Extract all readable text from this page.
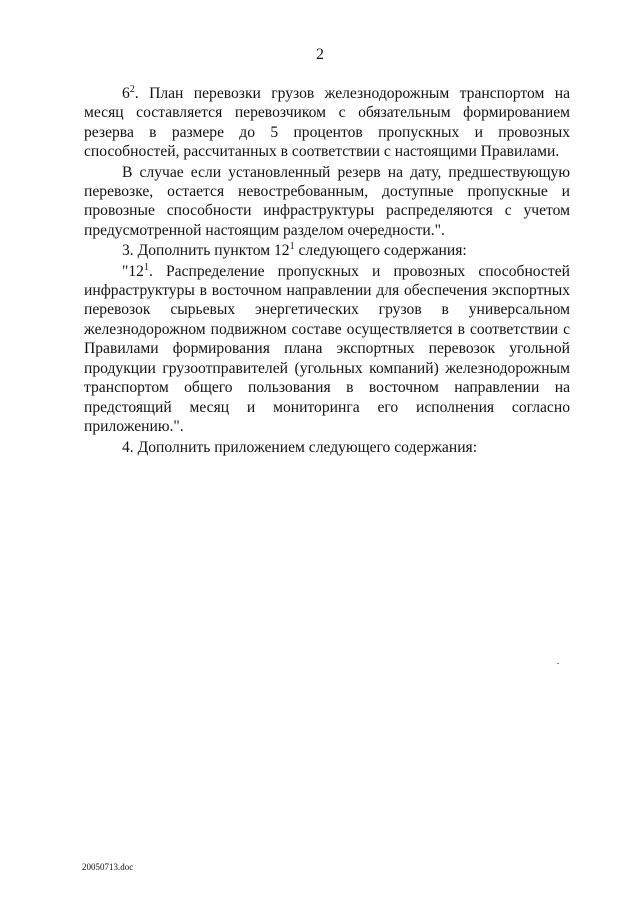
2

$6^2$. План перевозки грузов железнодорожным транспортом на месяц составляется перевозчиком с обязательным формированием резерва в размере до 5 процентов пропускных и провозных способностей, рассчитанных в соответствии с настоящими Правилами.

В случае если установленный резерв на дату, предшествующую перевозке, остается невостребованным, доступные пропускные и провозные способности инфраструктуры распределяются с учетом предусмотренной настоящим разделом очередности.".

3. Дополнить пунктом $12^1$ следующего содержания:

"$12^1$. Распределение пропускных и провозных способностей инфраструктуры в восточном направлении для обеспечения экспортных перевозок сырьевых энергетических грузов в универсальном железнодорожном подвижном составе осуществляется в соответствии с Правилами формирования плана экспортных перевозок угольной продукции грузоотправителей (угольных компаний) железнодорожным транспортом общего пользования в восточном направлении на предстоящий месяц и мониторинга его исполнения согласно приложению.".

4. Дополнить приложением следующего содержания:

20050713.doc
